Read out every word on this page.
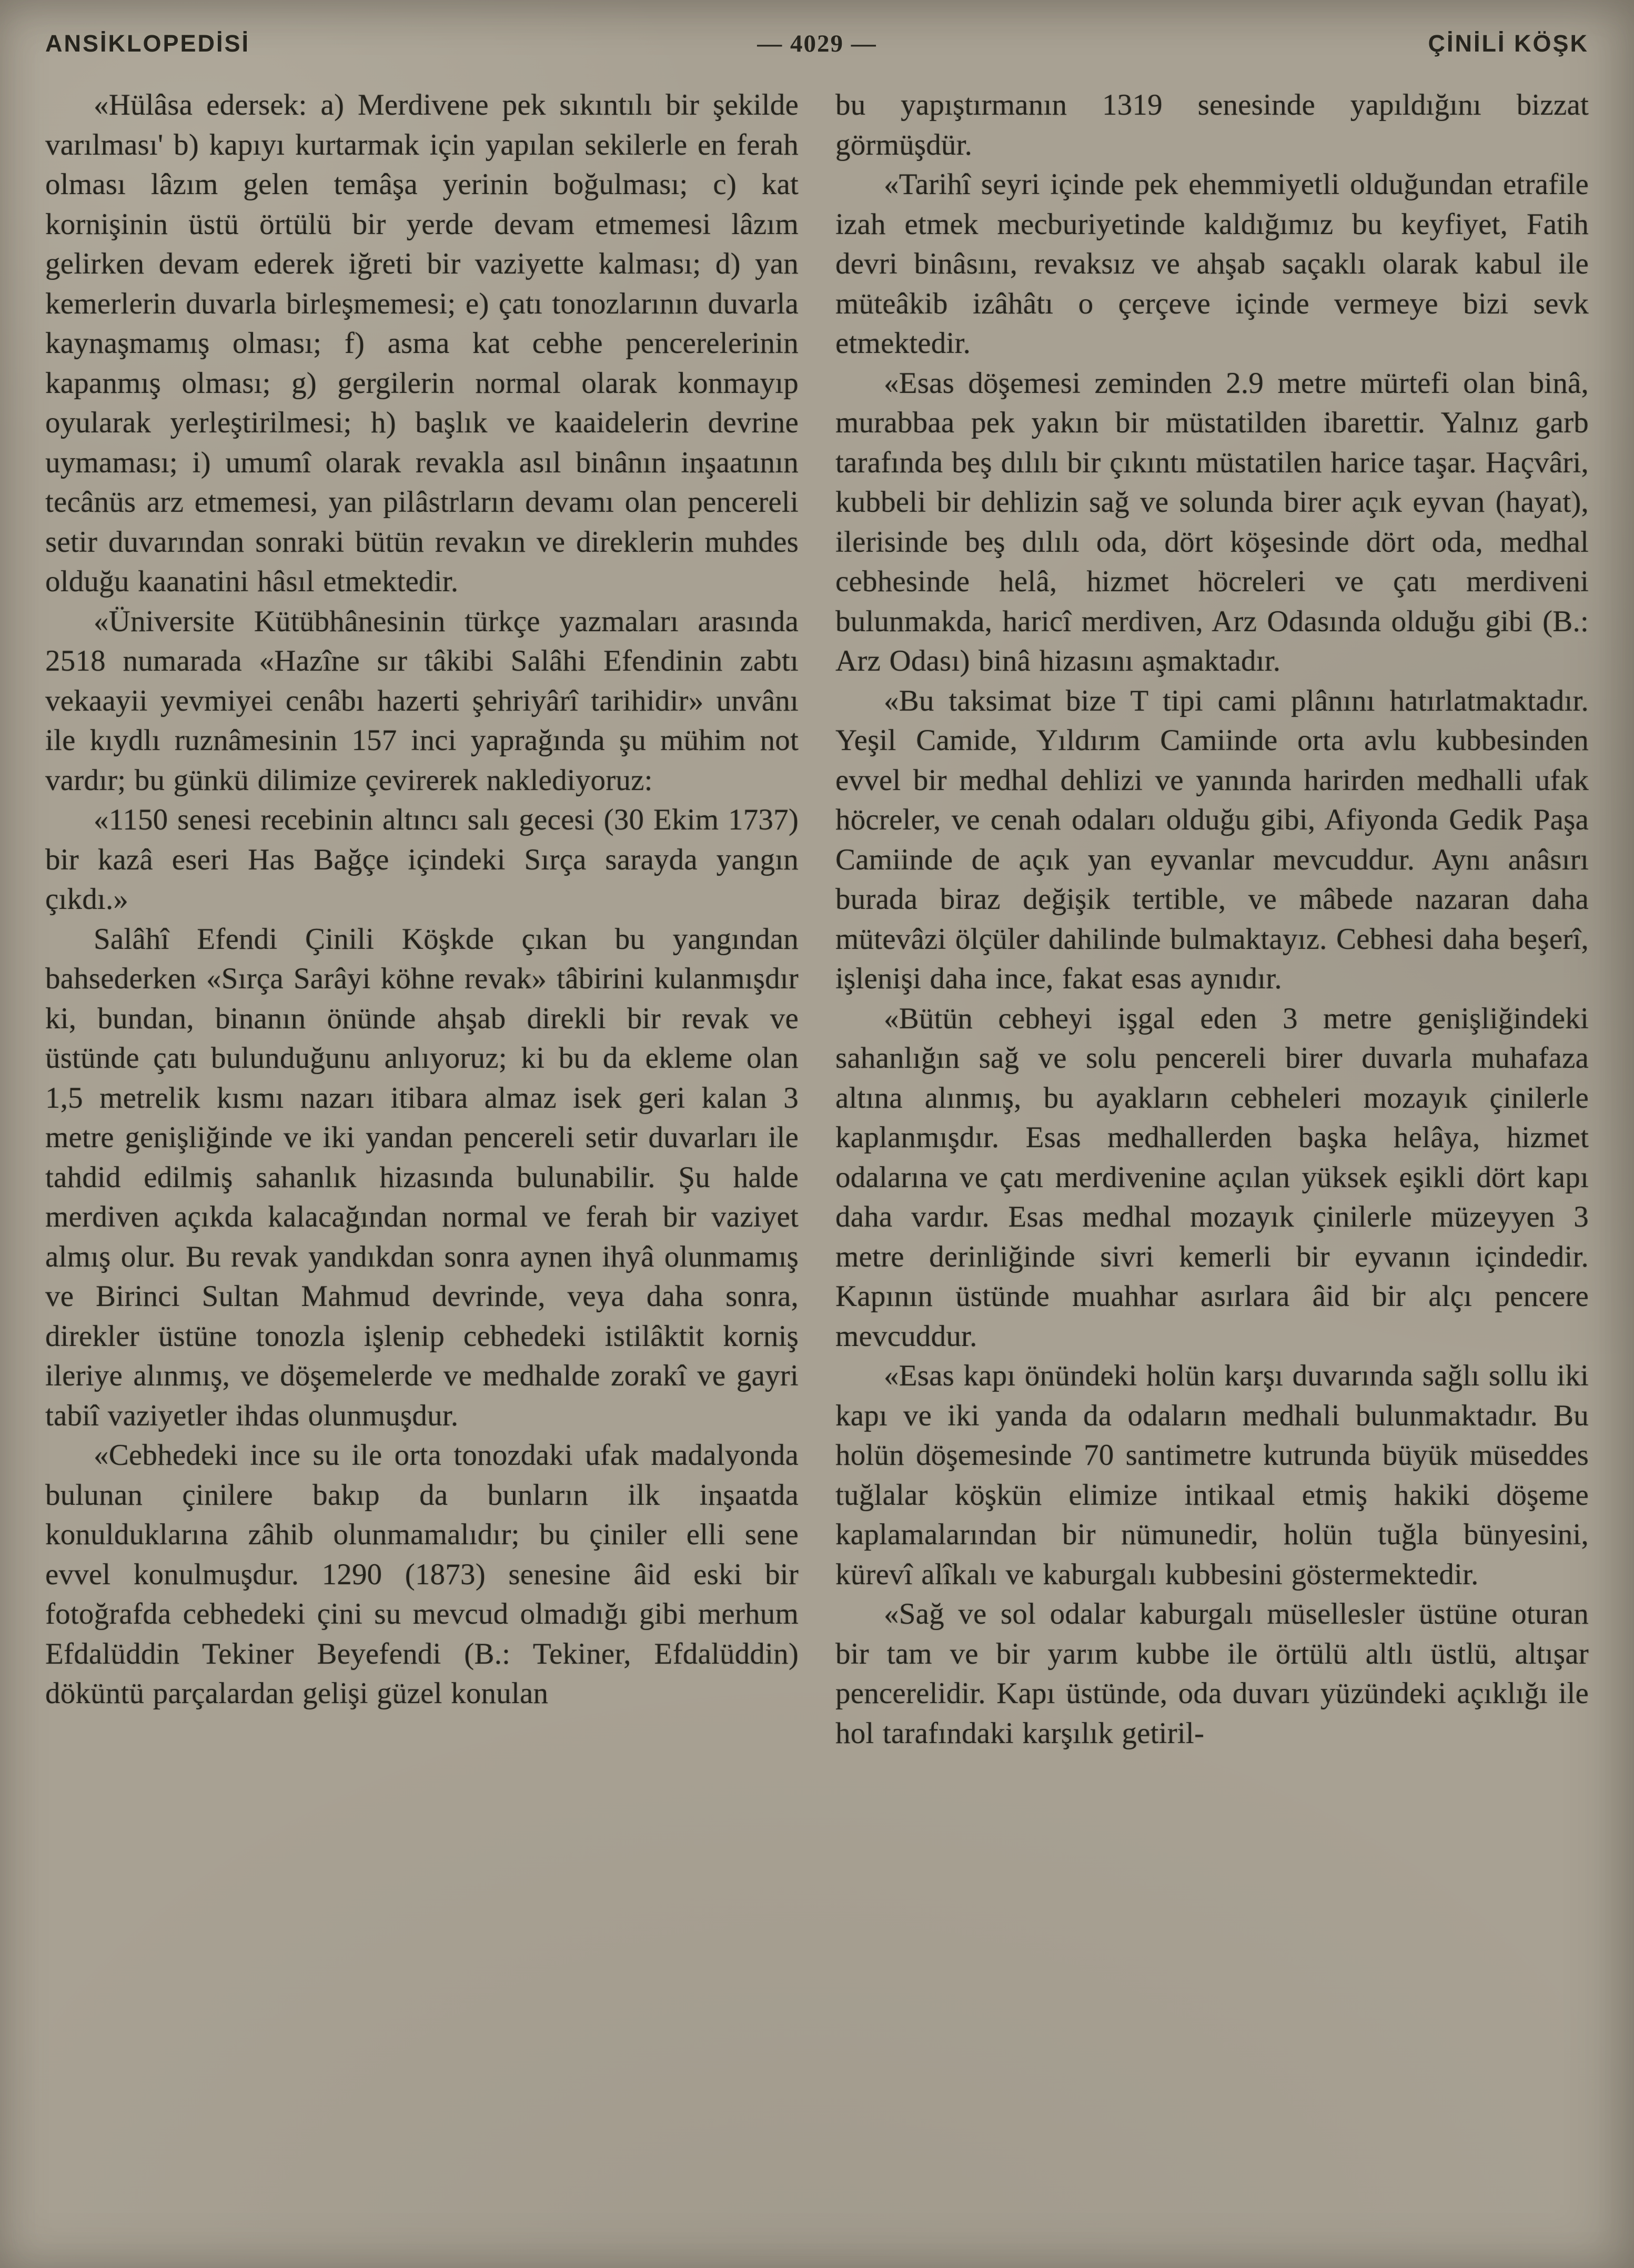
ANSİKLOPEDİSİ	— 4029 —	ÇİNİLİ KÖŞK

«Hülâsa edersek: a) Merdivene pek sıkıntılı bir şekilde varılması' b) kapıyı kurtarmak için yapılan sekilerle en ferah olması lâzım gelen temâşa yerinin boğulması; c) kat kornişinin üstü örtülü bir yerde devam etmemesi lâzım gelirken devam ederek iğreti bir vaziyette kalması; d) yan kemerlerin duvarla birleşmemesi; e) çatı tonozlarının duvarla kaynaşmamış olması; f) asma kat cebhe pencerelerinin kapanmış olması; g) gergilerin normal olarak konmayıp oyularak yerleştirilmesi; h) başlık ve kaaidelerin devrine uymaması; i) umumî olarak revakla asıl binânın inşaatının tecânüs arz etmemesi, yan pilâstrların devamı olan pencereli setir duvarından sonraki bütün revakın ve direklerin muhdes olduğu kaanatini hâsıl etmektedir.

«Üniversite Kütübhânesinin türkçe yazmaları arasında 2518 numarada «Hazîne sır tâkibi Salâhi Efendinin zabtı vekaayii yevmiyei cenâbı hazerti şehriyârî tarihidir» unvânı ile kıydlı ruznâmesinin 157 inci yaprağında şu mühim not vardır; bu günkü dilimize çevirerek naklediyoruz:

«1150 senesi recebinin altıncı salı gecesi (30 Ekim 1737) bir kazâ eseri Has Bağçe içindeki Sırça sarayda yangın çıkdı.»

Salâhî Efendi Çinili Köşkde çıkan bu yangından bahsederken «Sırça Sarâyi köhne revak» tâbirini kulanmışdır ki, bundan, binanın önünde ahşab direkli bir revak ve üstünde çatı bulunduğunu anlıyoruz; ki bu da ekleme olan 1,5 metrelik kısmı nazarı itibara almaz isek geri kalan 3 metre genişliğinde ve iki yandan pencereli setir duvarları ile tahdid edilmiş sahanlık hizasında bulunabilir. Şu halde merdiven açıkda kalacağından normal ve ferah bir vaziyet almış olur. Bu revak yandıkdan sonra aynen ihyâ olunmamış ve Birinci Sultan Mahmud devrinde, veya daha sonra, direkler üstüne tonozla işlenip cebhedeki istilâktit korniş ileriye alınmış, ve döşemelerde ve medhalde zorakî ve gayri tabiî vaziyetler ihdas olunmuşdur.

«Cebhedeki ince su ile orta tonozdaki ufak madalyonda bulunan çinilere bakıp da bunların ilk inşaatda konulduklarına zâhib olunmamalıdır; bu çiniler elli sene evvel konulmuşdur. 1290 (1873) senesine âid eski bir fotoğrafda cebhedeki çini su mevcud olmadığı gibi merhum Efdalüddin Tekiner Beyefendi (B.: Tekiner, Efdalüddin) döküntü parçalardan gelişi güzel konulan

bu yapıştırmanın 1319 senesinde yapıldığını bizzat görmüşdür.

«Tarihî seyri içinde pek ehemmiyetli olduğundan etrafile izah etmek mecburiyetinde kaldığımız bu keyfiyet, Fatih devri binâsını, revaksız ve ahşab saçaklı olarak kabul ile müteâkib izâhâtı o çerçeve içinde vermeye bizi sevk etmektedir.

«Esas döşemesi zeminden 2.9 metre mürtefi olan binâ, murabbaa pek yakın bir müstatilden ibarettir. Yalnız garb tarafında beş dılılı bir çıkıntı müstatilen harice taşar. Haçvâri, kubbeli bir dehlizin sağ ve solunda birer açık eyvan (hayat), ilerisinde beş dılılı oda, dört köşesinde dört oda, medhal cebhesinde helâ, hizmet höcreleri ve çatı merdiveni bulunmakda, haricî merdiven, Arz Odasında olduğu gibi (B.: Arz Odası) binâ hizasını aşmaktadır.

«Bu taksimat bize T tipi cami plânını hatırlatmaktadır. Yeşil Camide, Yıldırım Camiinde orta avlu kubbesinden evvel bir medhal dehlizi ve yanında harirden medhalli ufak höcreler, ve cenah odaları olduğu gibi, Afiyonda Gedik Paşa Camiinde de açık yan eyvanlar mevcuddur. Aynı anâsırı burada biraz değişik tertible, ve mâbede nazaran daha mütevâzi ölçüler dahilinde bulmaktayız. Cebhesi daha beşerî, işlenişi daha ince, fakat esas aynıdır.

«Bütün cebheyi işgal eden 3 metre genişliğindeki sahanlığın sağ ve solu pencereli birer duvarla muhafaza altına alınmış, bu ayakların cebheleri mozayık çinilerle kaplanmışdır. Esas medhallerden başka helâya, hizmet odalarına ve çatı merdivenine açılan yüksek eşikli dört kapı daha vardır. Esas medhal mozayık çinilerle müzeyyen 3 metre derinliğinde sivri kemerli bir eyvanın içindedir. Kapının üstünde muahhar asırlara âid bir alçı pencere mevcuddur.

«Esas kapı önündeki holün karşı duvarında sağlı sollu iki kapı ve iki yanda da odaların medhali bulunmaktadır. Bu holün döşemesinde 70 santimetre kutrunda büyük müseddes tuğlalar köşkün elimize intikaal etmiş hakiki döşeme kaplamalarından bir nümunedir, holün tuğla bünyesini, kürevî alîkalı ve kaburgalı kubbesini göstermektedir.

«Sağ ve sol odalar kaburgalı müsellesler üstüne oturan bir tam ve bir yarım kubbe ile örtülü altlı üstlü, altışar pencerelidir. Kapı üstünde, oda duvarı yüzündeki açıklığı ile hol tarafındaki karşılık getiril-
